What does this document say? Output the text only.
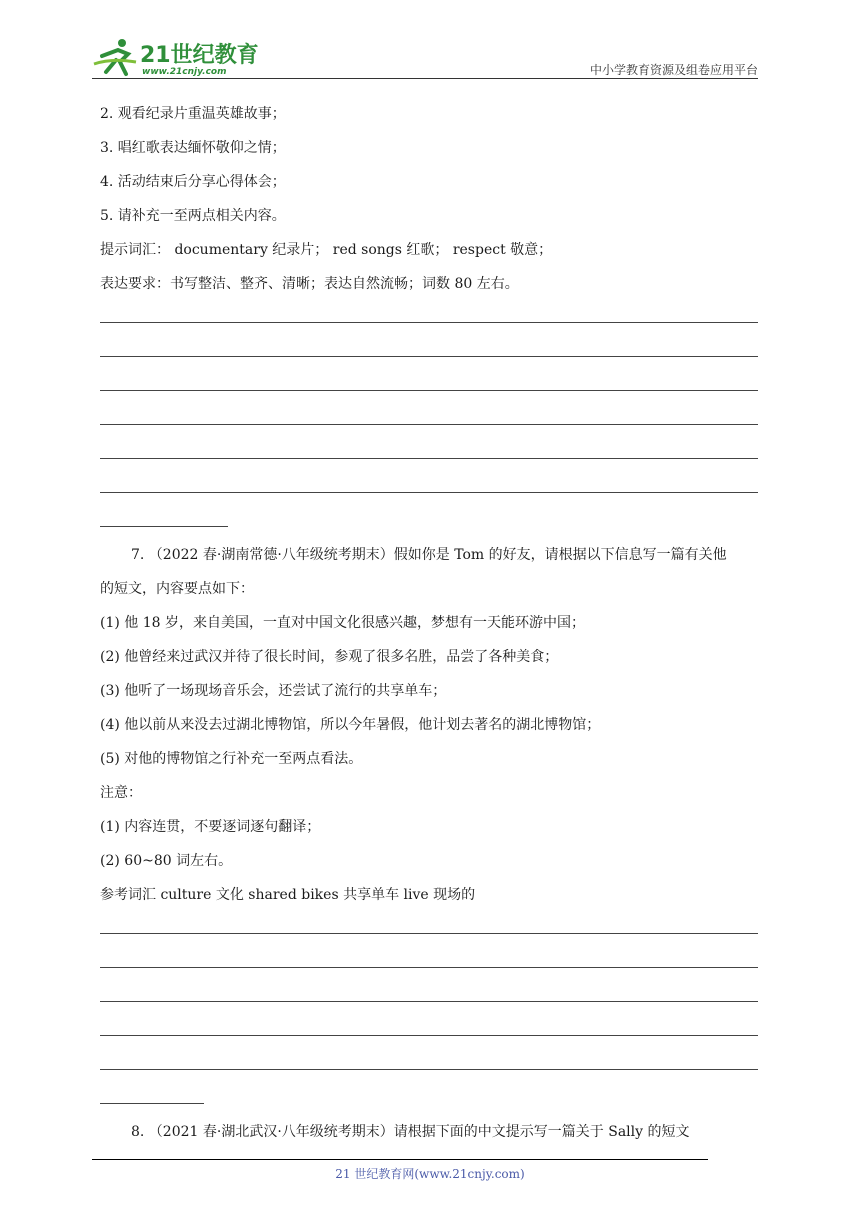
21世纪教育
www.21cnjy.com	中小学教育资源及组卷应用平台
2. 观看纪录片重温英雄故事；
3. 唱红歌表达缅怀敬仰之情；
4. 活动结束后分享心得体会；
5. 请补充一至两点相关内容。
提示词汇： documentary 纪录片； red songs 红歌； respect 敬意；
表达要求：书写整洁、整齐、清晰；表达自然流畅；词数 80 左右。
7. （2022 春·湖南常德·八年级统考期末）假如你是 Tom 的好友，请根据以下信息写一篇有关他
的短文，内容要点如下：
(1) 他 18 岁，来自美国，一直对中国文化很感兴趣，梦想有一天能环游中国；
(2) 他曾经来过武汉并待了很长时间，参观了很多名胜，品尝了各种美食；
(3) 他听了一场现场音乐会，还尝试了流行的共享单车；
(4) 他以前从来没去过湖北博物馆，所以今年暑假，他计划去著名的湖北博物馆；
(5) 对他的博物馆之行补充一至两点看法。
注意：
(1) 内容连贯，不要逐词逐句翻译；
(2) 60~80 词左右。
参考词汇 culture 文化 shared bikes 共享单车 live 现场的
8. （2021 春·湖北武汉·八年级统考期末）请根据下面的中文提示写一篇关于 Sally 的短文
21 世纪教育网(www.21cnjy.com)
